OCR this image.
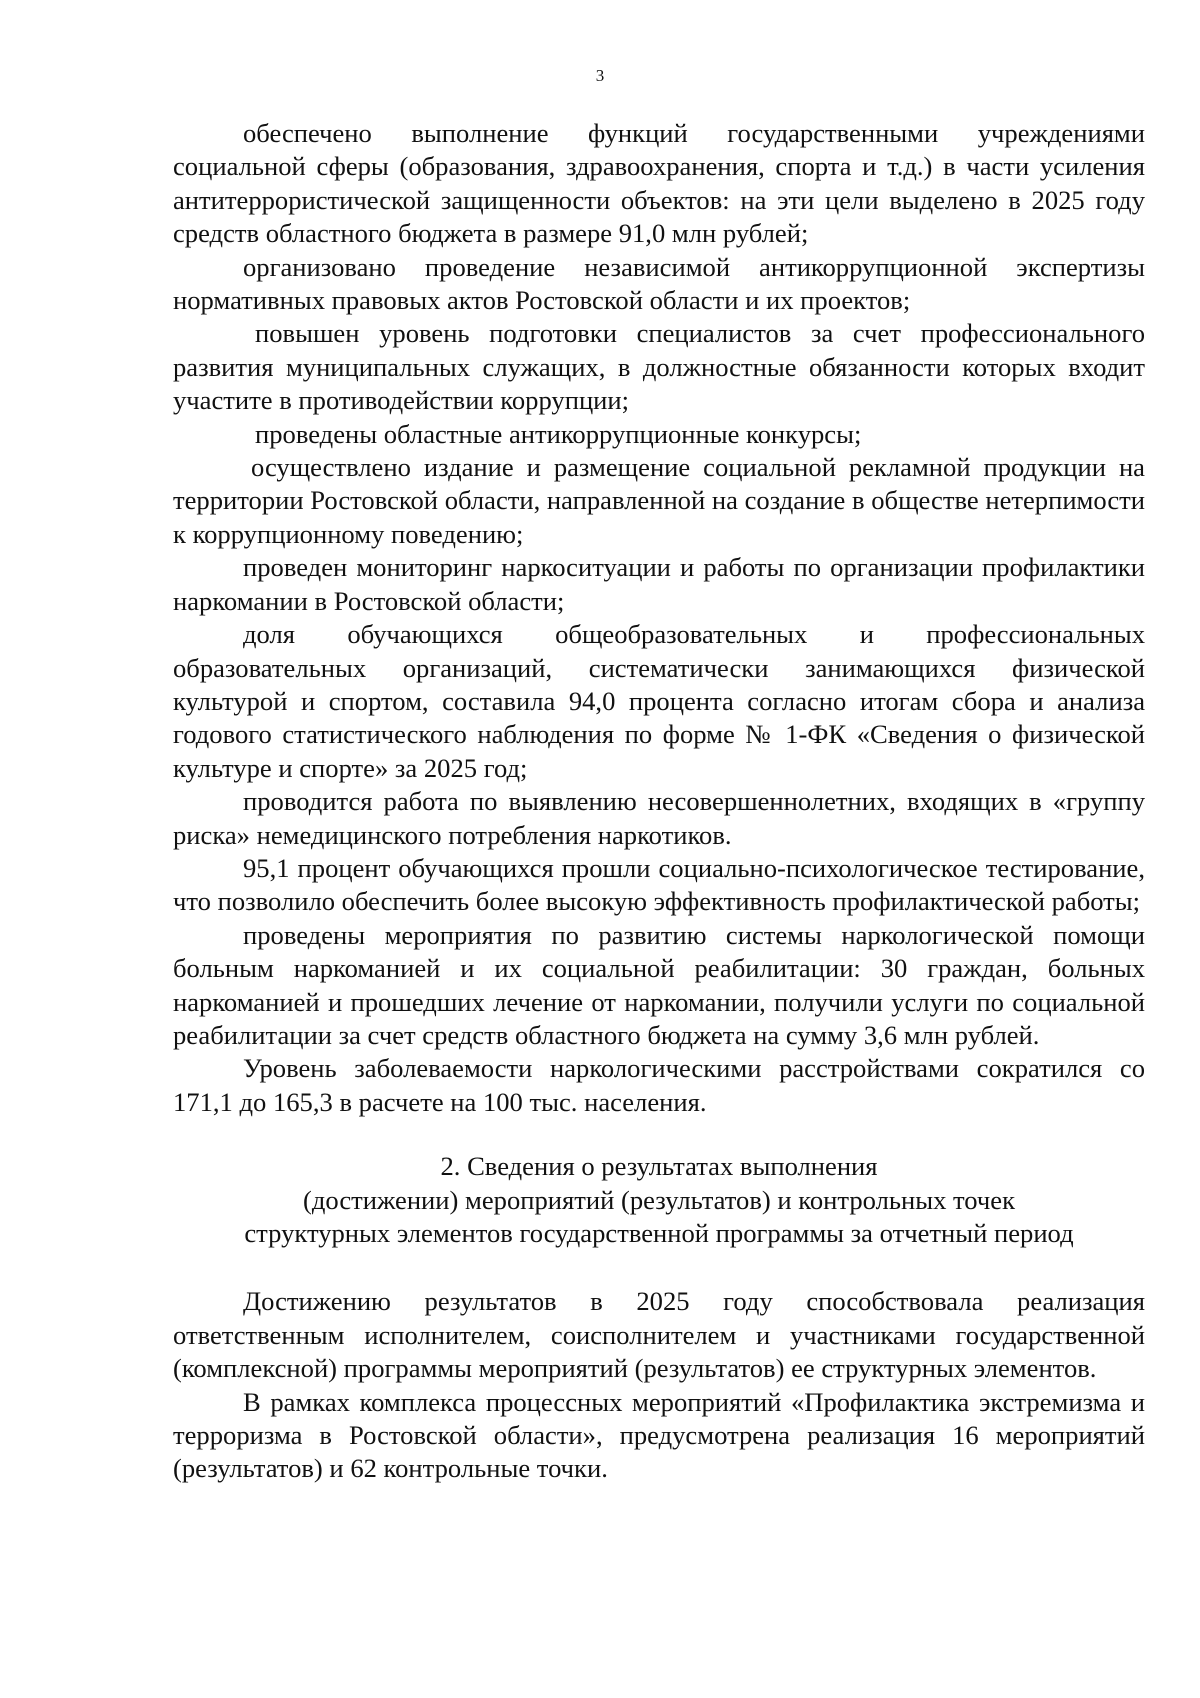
3

обеспечено выполнение функций государственными учреждениями социальной сферы (образования, здравоохранения, спорта и т.д.) в части усиления антитеррористической защищенности объектов: на эти цели выделено в 2025 году средств областного бюджета в размере 91,0 млн рублей;

организовано проведение независимой антикоррупционной экспертизы нормативных правовых актов Ростовской области и их проектов;

повышен уровень подготовки специалистов за счет профессионального развития муниципальных служащих, в должностные обязанности которых входит участите в противодействии коррупции;

проведены областные антикоррупционные конкурсы;

осуществлено издание и размещение социальной рекламной продукции на территории Ростовской области, направленной на создание в обществе нетерпимости к коррупционному поведению;

проведен мониторинг наркоситуации и работы по организации профилактики наркомании в Ростовской области;

доля обучающихся общеобразовательных и профессиональных образовательных организаций, систематически занимающихся физической культурой и спортом, составила 94,0 процента согласно итогам сбора и анализа годового статистического наблюдения по форме № 1-ФК «Сведения о физической культуре и спорте» за 2025 год;

проводится работа по выявлению несовершеннолетних, входящих в «группу риска» немедицинского потребления наркотиков.

95,1 процент обучающихся прошли социально-психологическое тестирование, что позволило обеспечить более высокую эффективность профилактической работы;

проведены мероприятия по развитию системы наркологической помощи больным наркоманией и их социальной реабилитации: 30 граждан, больных наркоманией и прошедших лечение от наркомании, получили услуги по социальной реабилитации за счет средств областного бюджета на сумму 3,6 млн рублей.

Уровень заболеваемости наркологическими расстройствами сократился со 171,1 до 165,3 в расчете на 100 тыс. населения.

2. Сведения о результатах выполнения
(достижении) мероприятий (результатов) и контрольных точек
структурных элементов государственной программы за отчетный период

Достижению результатов в 2025 году способствовала реализация ответственным исполнителем, соисполнителем и участниками государственной (комплексной) программы мероприятий (результатов) ее структурных элементов.

В рамках комплекса процессных мероприятий «Профилактика экстремизма и терроризма в Ростовской области», предусмотрена реализация 16 мероприятий (результатов) и 62 контрольные точки.
